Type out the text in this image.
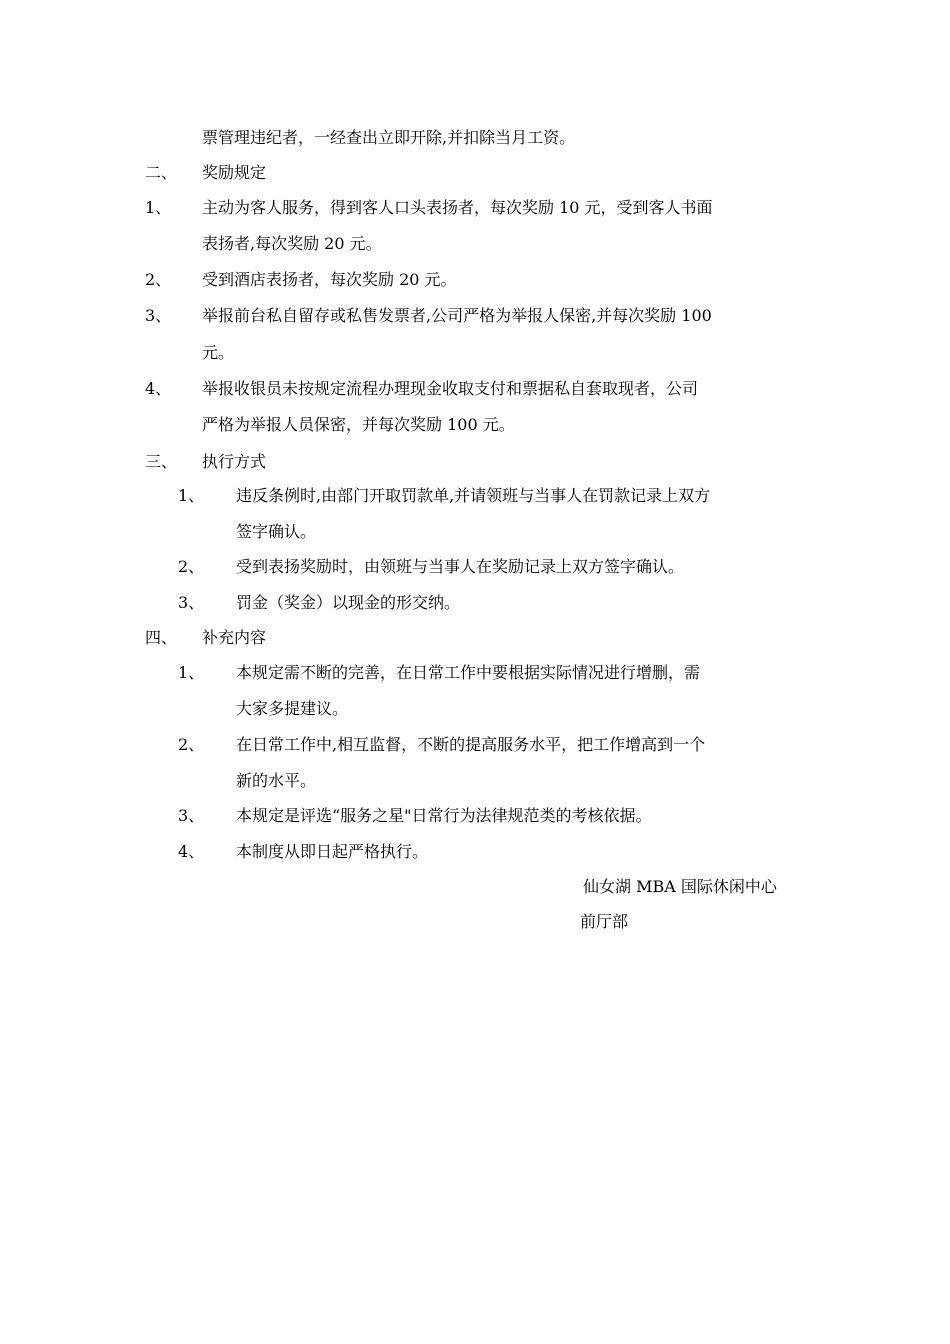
票管理违纪者，一经查出立即开除,并扣除当月工资。
二、 奖励规定
1、 主动为客人服务，得到客人口头表扬者，每次奖励 10 元，受到客人书面
表扬者,每次奖励 20 元。
2、 受到酒店表扬者，每次奖励 20 元。
3、 举报前台私自留存或私售发票者,公司严格为举报人保密,并每次奖励 100
元。
4、 举报收银员未按规定流程办理现金收取支付和票据私自套取现者，公司
严格为举报人员保密，并每次奖励 100 元。
三、 执行方式
1、 违反条例时,由部门开取罚款单,并请领班与当事人在罚款记录上双方
签字确认。
2、 受到表扬奖励时，由领班与当事人在奖励记录上双方签字确认。
3、 罚金（奖金）以现金的形交纳。
四、 补充内容
1、 本规定需不断的完善，在日常工作中要根据实际情况进行增删，需
大家多提建议。
2、 在日常工作中,相互监督，不断的提高服务水平，把工作增高到一个
新的水平。
3、 本规定是评选“服务之星"日常行为法律规范类的考核依据。
4、 本制度从即日起严格执行。
仙女湖 MBA 国际休闲中心
前厅部
